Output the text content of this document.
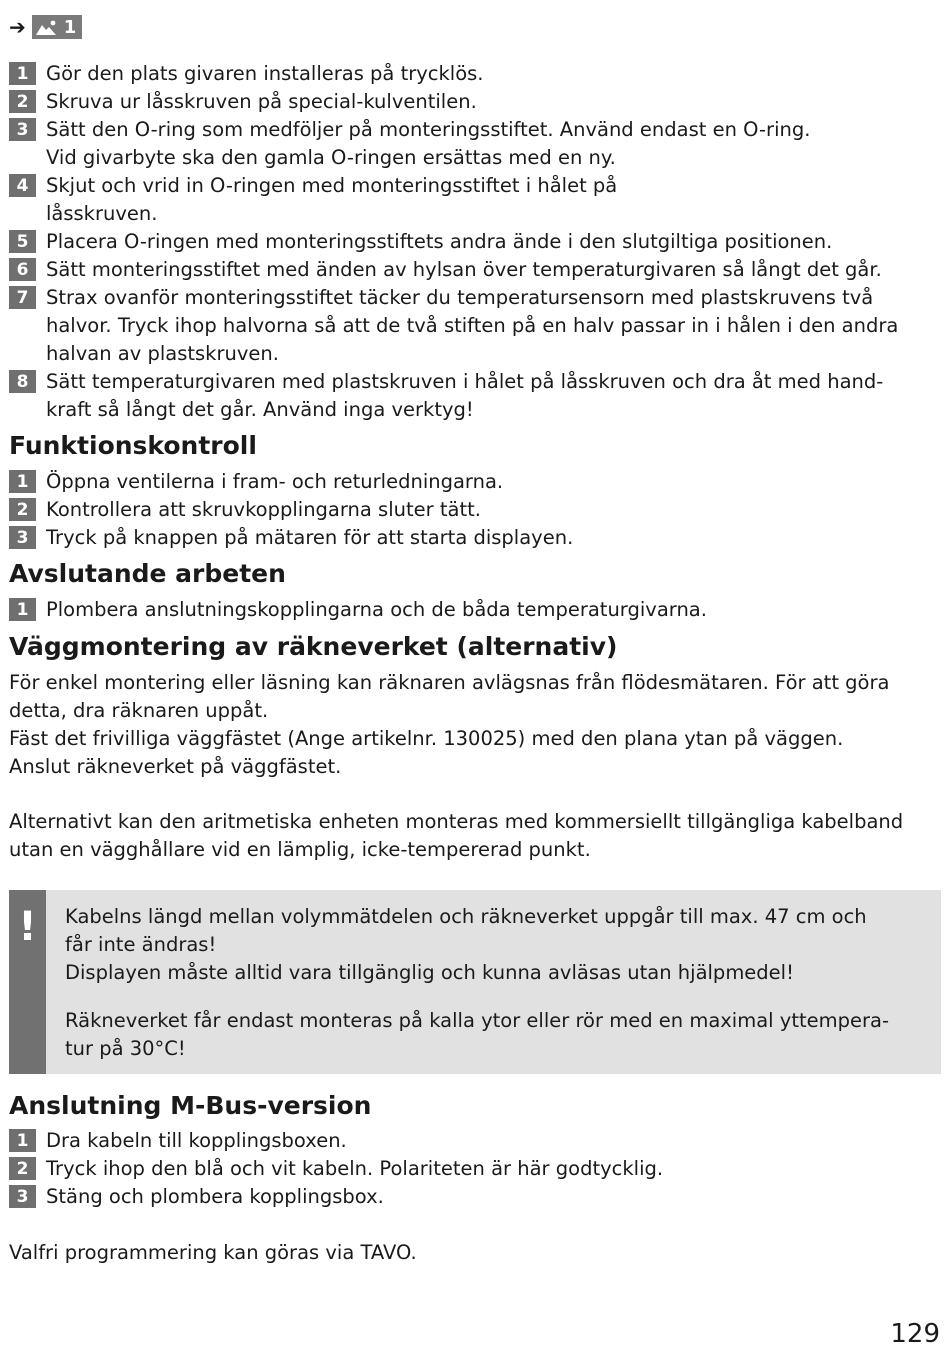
➔ 1
1 Gör den plats givaren installeras på trycklös.
2 Skruva ur låsskruven på special-kulventilen.
3 Sätt den O-ring som medföljer på monteringsstiftet. Använd endast en O-ring.
Vid givarbyte ska den gamla O-ringen ersättas med en ny.
4 Skjut och vrid in O-ringen med monteringsstiftet i hålet på
låsskruven.
5 Placera O-ringen med monteringsstiftets andra ände i den slutgiltiga positionen.
6 Sätt monteringsstiftet med änden av hylsan över temperaturgivaren så långt det går.
7 Strax ovanför monteringsstiftet täcker du temperatursensorn med plastskruvens två
halvor. Tryck ihop halvorna så att de två stiften på en halv passar in i hålen i den andra
halvan av plastskruven.
8 Sätt temperaturgivaren med plastskruven i hålet på låsskruven och dra åt med hand-
kraft så långt det går. Använd inga verktyg!
Funktionskontroll
1 Öppna ventilerna i fram- och returledningarna.
2 Kontrollera att skruvkopplingarna sluter tätt.
3 Tryck på knappen på mätaren för att starta displayen.
Avslutande arbeten
1 Plombera anslutningskopplingarna och de båda temperaturgivarna.
Väggmontering av räkneverket (alternativ)
För enkel montering eller läsning kan räknaren avlägsnas från flödesmätaren. För att göra
detta, dra räknaren uppåt.
Fäst det frivilliga väggfästet (Ange artikelnr. 130025) med den plana ytan på väggen.
Anslut räkneverket på väggfästet.
Alternativt kan den aritmetiska enheten monteras med kommersiellt tillgängliga kabelband
utan en vägghållare vid en lämplig, icke-tempererad punkt.
! Kabelns längd mellan volymmätdelen och räkneverket uppgår till max. 47 cm och
får inte ändras!
Displayen måste alltid vara tillgänglig och kunna avläsas utan hjälpmedel!

Räkneverket får endast monteras på kalla ytor eller rör med en maximal yttempera-
tur på 30°C!

Anslutning M-Bus-version
1 Dra kabeln till kopplingsboxen.
2 Tryck ihop den blå och vit kabeln. Polariteten är här godtycklig.
3 Stäng och plombera kopplingsbox.
Valfri programmering kan göras via TAVO.
129
